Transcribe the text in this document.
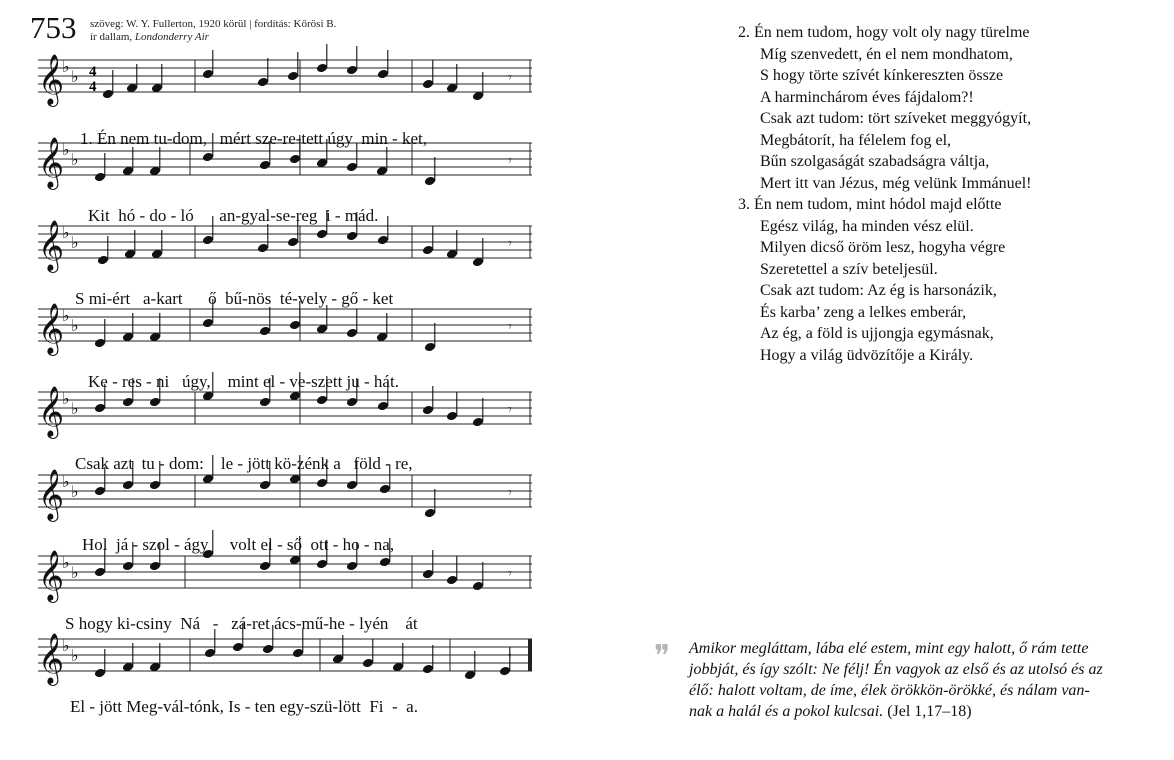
753 szöveg: W. Y. Fullerton, 1920 körül | fordítás: Kőrösi B.
ír dallam, Londonderry Air
𝄞
♭
♭	𝄾
𝄞
♭
♭	𝄾
𝄞
♭
♭	𝄾
𝄞
♭
♭	𝄾
𝄞
♭
♭	𝄾
𝄞
♭
♭	𝄾
𝄞
♭
♭	𝄾
𝄞
♭
♭	𝄾
4
4
1. Én nem tu-dom,   mért sze-re-tett úgy  min - ket,
Kit  hó - do - ló      an-gyal-se-reg  i - mád.
S mi-ért   a-kart      ő  bű-nös  té-vely - gő - ket
Ke - res - ni   úgy,    mint el - ve-szett ju - hát.
Csak azt  tu - dom:    le - jött kö-zénk a   föld - re,
Hol  já - szol - ágy     volt el - ső  ott - ho - na,
S hogy ki-csiny  Ná   -   zá-ret ács-mű-he - lyén    át
El - jött Meg-vál-tónk, Is - ten egy-szü-lött  Fi  -  a.
2. Én nem tudom, hogy volt oly nagy türelme
Míg szenvedett, én el nem mondhatom,
S hogy törte szívét kínkereszten össze
A harminchárom éves fájdalom?!
Csak azt tudom: tört szíveket meggyógyít,
Megbátorít, ha félelem fog el,
Bűn szolgaságát szabadságra váltja,
Mert itt van Jézus, még velünk Immánuel!
3. Én nem tudom, mint hódol majd előtte
Egész világ, ha minden vész elül.
Milyen dicső öröm lesz, hogyha végre
Szeretettel a szív beteljesül.
Csak azt tudom: Az ég is harsonázik,
És karba’ zeng a lelkes emberár,
Az ég, a föld is ujjongja egymásnak,
Hogy a világ üdvözítője a Király.
❞ Amikor megláttam, lába elé estem, mint egy halott, ő rám tette
jobbját, és így szólt: Ne félj! Én vagyok az első és az utolsó és az
élő: halott voltam, de íme, élek örökkön-örökké, és nálam van-
nak a halál és a pokol kulcsai. (Jel 1,17–18)
